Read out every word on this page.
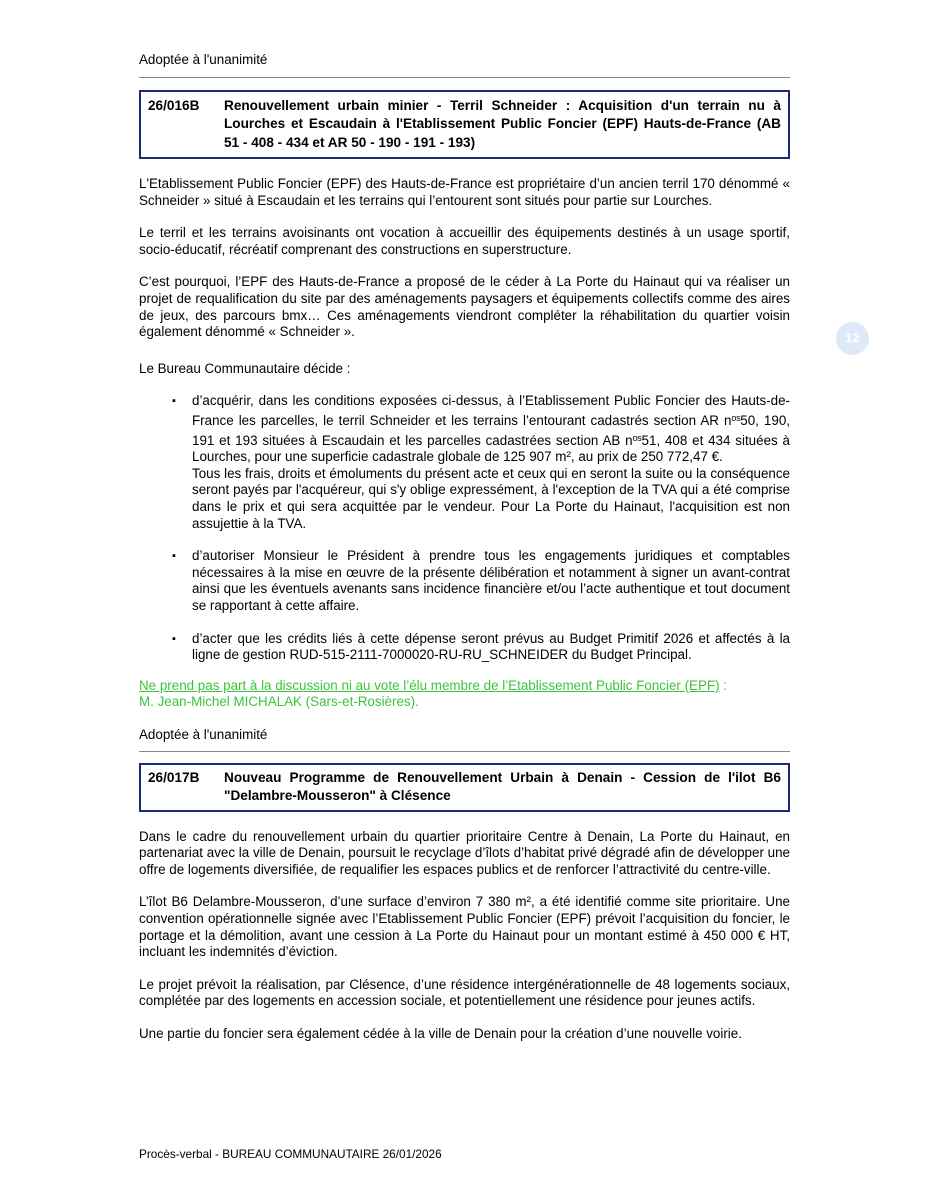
Adoptée à l'unanimité

26/016B	Renouvellement urbain minier - Terril Schneider : Acquisition d'un terrain nu à Lourches et Escaudain à l'Etablissement Public Foncier (EPF) Hauts-de-France (AB 51 - 408 - 434 et AR 50 - 190 - 191 - 193)

L'Etablissement Public Foncier (EPF) des Hauts-de-France est propriétaire d’un ancien terril 170 dénommé « Schneider » situé à Escaudain et les terrains qui l’entourent sont situés pour partie sur Lourches.

Le terril et les terrains avoisinants ont vocation à accueillir des équipements destinés à un usage sportif, socio-éducatif, récréatif comprenant des constructions en superstructure.

C’est pourquoi, l’EPF des Hauts-de-France a proposé de le céder à La Porte du Hainaut qui va réaliser un projet de requalification du site par des aménagements paysagers et équipements collectifs comme des aires de jeux, des parcours bmx… Ces aménagements viendront compléter la réhabilitation du quartier voisin également dénommé « Schneider ».

Le Bureau Communautaire décide :

▪	d’acquérir, dans les conditions exposées ci-dessus, à l’Etablissement Public Foncier des Hauts-de-France les parcelles, le terril Schneider et les terrains l’entourant cadastrés section AR $n^{os}50$, 190, 191 et 193 situées à Escaudain et les parcelles cadastrées section AB $n^{os}51$, 408 et 434 situées à Lourches, pour une superficie cadastrale globale de 125 907 m², au prix de 250 772,47 €.

Tous les frais, droits et émoluments du présent acte et ceux qui en seront la suite ou la conséquence seront payés par l'acquéreur, qui s'y oblige expressément, à l'exception de la TVA qui a été comprise dans le prix et qui sera acquittée par le vendeur. Pour La Porte du Hainaut, l'acquisition est non assujettie à la TVA.

▪	d’autoriser Monsieur le Président à prendre tous les engagements juridiques et comptables nécessaires à la mise en œuvre de la présente délibération et notamment à signer un avant-contrat ainsi que les éventuels avenants sans incidence financière et/ou l’acte authentique et tout document se rapportant à cette affaire.
▪	d’acter que les crédits liés à cette dépense seront prévus au Budget Primitif 2026 et affectés à la ligne de gestion RUD-515-2111-7000020-RU-RU_SCHNEIDER du Budget Principal.
Ne prend pas part à la discussion ni au vote l’élu membre de l’Etablissement Public Foncier (EPF) :
M. Jean-Michel MICHALAK (Sars-et-Rosières).

Adoptée à l'unanimité

26/017B	Nouveau Programme de Renouvellement Urbain à Denain - Cession de l'ilot B6 "Delambre-Mousseron" à Clésence

Dans le cadre du renouvellement urbain du quartier prioritaire Centre à Denain, La Porte du Hainaut, en partenariat avec la ville de Denain, poursuit le recyclage d’îlots d’habitat privé dégradé afin de développer une offre de logements diversifiée, de requalifier les espaces publics et de renforcer l’attractivité du centre-ville.

L’îlot B6 Delambre-Mousseron, d’une surface d’environ 7 380 m², a été identifié comme site prioritaire. Une convention opérationnelle signée avec l’Etablissement Public Foncier (EPF) prévoit l’acquisition du foncier, le portage et la démolition, avant une cession à La Porte du Hainaut pour un montant estimé à 450 000 € HT, incluant les indemnités d’éviction.

Le projet prévoit la réalisation, par Clésence, d’une résidence intergénérationnelle de 48 logements sociaux, complétée par des logements en accession sociale, et potentiellement une résidence pour jeunes actifs.

Une partie du foncier sera également cédée à la ville de Denain pour la création d’une nouvelle voirie.

12
Procès-verbal - BUREAU COMMUNAUTAIRE 26/01/2026
